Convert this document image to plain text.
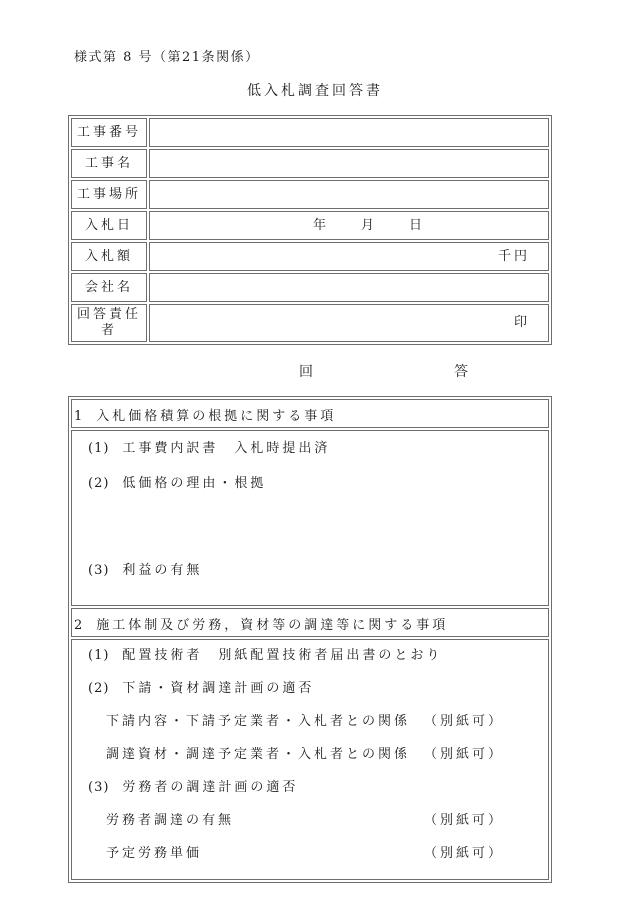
様式第 8 号（第21条関係）
低入札調査回答書
工事番号	
工事名	
工事場所	
入札日	年　　月　　日
入札額	千円
会社名	
回答責任者	印
回	答
1 入札価格積算の根拠に関する事項

(1) 工事費内訳書　入札時提出済
(2) 低価格の理由・根拠
(3) 利益の有無

2 施工体制及び労務，資材等の調達等に関する事項

(1) 配置技術者　別紙配置技術者届出書のとおり
(2) 下請・資材調達計画の適否
下請内容・下請予定業者・入札者との関係 （別紙可）
調達資材・調達予定業者・入札者との関係 （別紙可）
(3) 労務者の調達計画の適否
労務者調達の有無	（別紙可）
予定労務単価	（別紙可）
